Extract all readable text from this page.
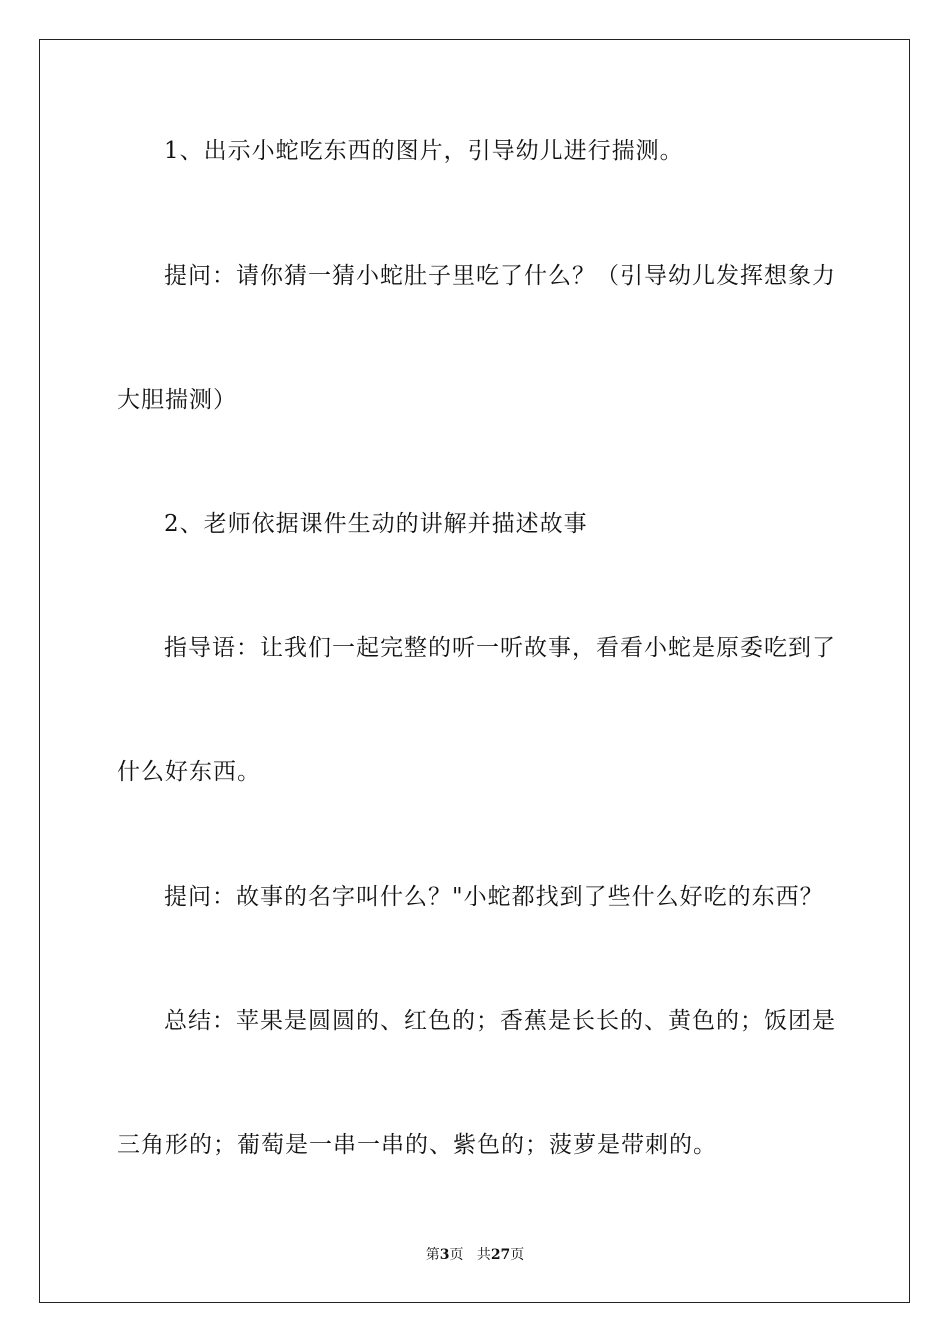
1、出示小蛇吃东西的图片，引导幼儿进行揣测。
提问：请你猜一猜小蛇肚子里吃了什么？（引导幼儿发挥想象力
大胆揣测）
2、老师依据课件生动的讲解并描述故事
指导语：让我们一起完整的听一听故事，看看小蛇是原委吃到了
什么好东西。
提问：故事的名字叫什么？"小蛇都找到了些什么好吃的东西？
总结：苹果是圆圆的、红色的；香蕉是长长的、黄色的；饭团是
三角形的；葡萄是一串一串的、紫色的；菠萝是带刺的。
第3页 共27页
